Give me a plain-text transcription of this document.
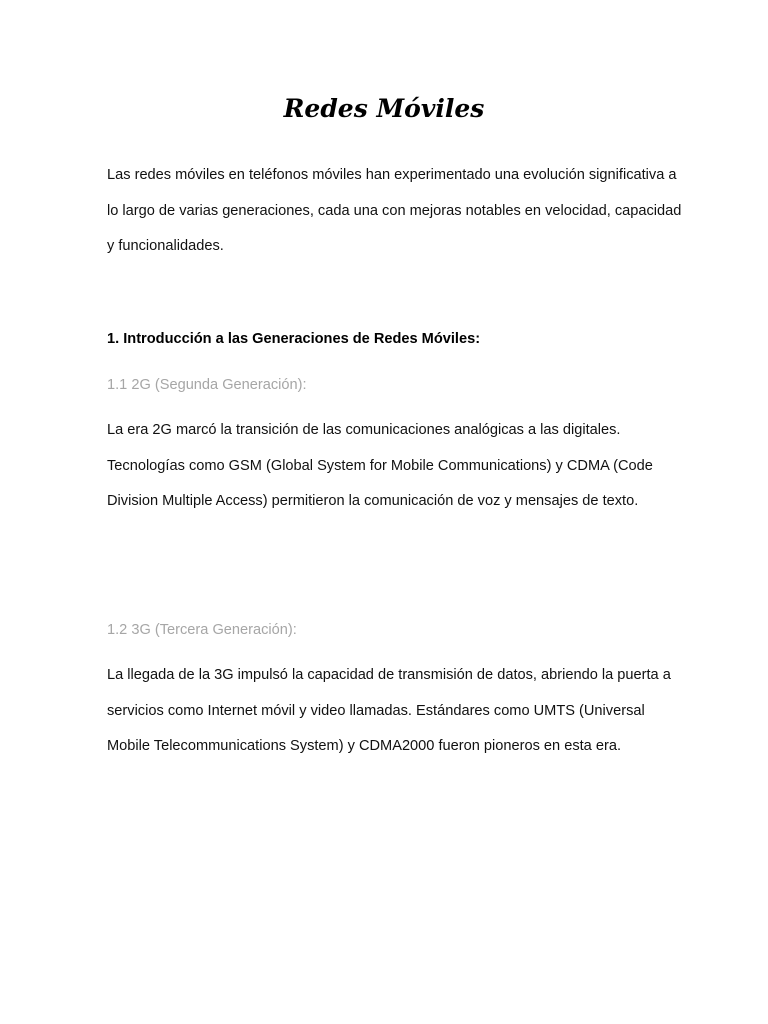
Redes Móviles

Las redes móviles en teléfonos móviles han experimentado una evolución significativa a lo largo de varias generaciones, cada una con mejoras notables en velocidad, capacidad y funcionalidades.

1. Introducción a las Generaciones de Redes Móviles:
1.1 2G (Segunda Generación):

La era 2G marcó la transición de las comunicaciones analógicas a las digitales. Tecnologías como GSM (Global System for Mobile Communications) y CDMA (Code Division Multiple Access) permitieron la comunicación de voz y mensajes de texto.

1.2 3G (Tercera Generación):

La llegada de la 3G impulsó la capacidad de transmisión de datos, abriendo la puerta a servicios como Internet móvil y video llamadas. Estándares como UMTS (Universal Mobile Telecommunications System) y CDMA2000 fueron pioneros en esta era.
